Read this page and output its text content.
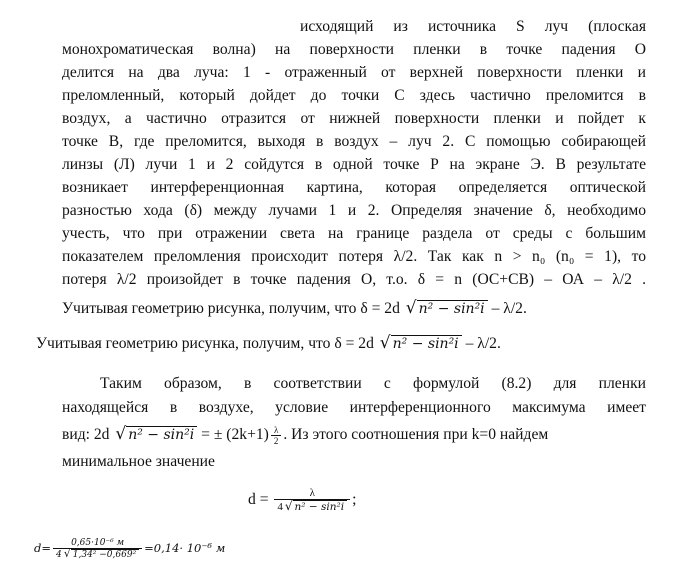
исходящий из источника S луч (плоская
монохроматическая волна) на поверхности пленки в точке падения О
делится на два луча: 1 - отраженный от верхней поверхности пленки и
преломленный, который дойдет до точки С здесь частично преломится в
воздух, а частично отразится от нижней поверхности пленки и пойдет к
точке В, где преломится, выходя в воздух – луч 2. С помощью собирающей
линзы (Л) лучи 1 и 2 сойдутся в одной точке Р на экране Э. В результате
возникает интерференционная картина, которая определяется оптической
разностью хода (δ) между лучами 1 и 2. Определяя значение δ, необходимо
учесть, что при отражении света на границе раздела от среды с большим
показателем преломления происходит потеря λ/2. Так как n > n₀ (n₀ = 1), то
потеря λ/2 произойдет в точке падения О, т.о. δ = n (ОС+СВ) – ОА – λ/2 .
Учитывая геометрию рисунка, получим, что δ = 2d √ n² − sin²i – λ/2.
Учитывая геометрию рисунка, получим, что δ = 2d √ n² − sin²i – λ/2.
Таким образом, в соответствии с формулой (8.2) для пленки
находящейся в воздухе, условие интерференционного максимума имеет
вид: 2d √ n² − sin²i = ± $(2k+1) \frac{\lambda}{2}$ . Из этого соотношения при k=0 найдем
минимальное значение
$d = \frac{\lambda}{\text{4 √ n² − sin²i}}$ ;
$d= \frac{\text{0,65·10⁻⁶ м}}{\text{4 √ 1,34² −0,669²}} =0,14\cdot 10^{-6}$ м
